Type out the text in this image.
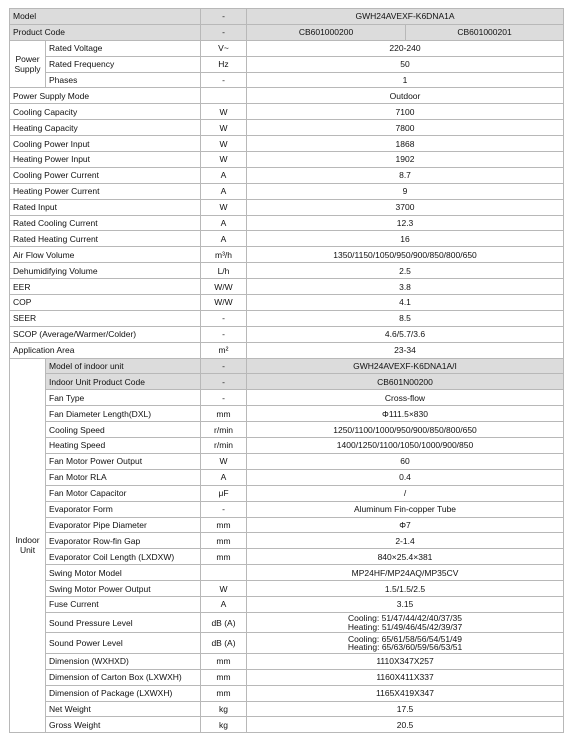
Model		-	GWH24AVEXF-K6DNA1A	
Product Code		-	CB601000200	CB601000201
Power Supply	Rated Voltage	V~	220-240	
	Rated Frequency	Hz	50	
	Phases	-	1	
Power Supply Mode			Outdoor	
Cooling Capacity		W	7100	
Heating Capacity		W	7800	
Cooling Power Input		W	1868	
Heating Power Input		W	1902	
Cooling Power Current		A	8.7	
Heating Power Current		A	9	
Rated Input		W	3700	
Rated Cooling Current		A	12.3	
Rated Heating Current		A	16	
Air Flow Volume		m³/h	1350/1150/1050/950/900/850/800/650	
Dehumidifying Volume		L/h	2.5	
EER		W/W	3.8	
COP		W/W	4.1	
SEER		-	8.5	
SCOP (Average/Warmer/Colder)		-	4.6/5.7/3.6	
Application Area		m²	23-34	
Indoor Unit	Model of indoor unit	-	GWH24AVEXF-K6DNA1A/I	
	Indoor Unit Product Code	-	CB601N00200	
	Fan Type	-	Cross-flow	
	Fan Diameter Length(DXL)	mm	Φ111.5×830	
	Cooling Speed	r/min	1250/1100/1000/950/900/850/800/650	
	Heating Speed	r/min	1400/1250/1100/1050/1000/900/850	
	Fan Motor Power Output	W	60	
	Fan Motor RLA	A	0.4	
	Fan Motor Capacitor	μF	/	
	Evaporator Form	-	Aluminum Fin-copper Tube	
	Evaporator Pipe Diameter	mm	Φ7	
	Evaporator Row-fin Gap	mm	2-1.4	
	Evaporator Coil Length (LXDXW)	mm	840×25.4×381	
	Swing Motor Model		MP24HF/MP24AQ/MP35CV	
	Swing Motor Power Output	W	1.5/1.5/2.5	
	Fuse Current	A	3.15	
	Sound Pressure Level	dB (A)	Cooling: 51/47/44/42/40/37/35
Heating: 51/49/46/45/42/39/37	

	Sound Power Level	dB (A)	Cooling: 65/61/58/56/54/51/49
Heating: 65/63/60/59/56/53/51	

	Dimension (WXHXD)	mm	1110X347X257	
	Dimension of Carton Box (LXWXH)	mm	1160X411X337	
	Dimension of Package (LXWXH)	mm	1165X419X347	
	Net Weight	kg	17.5	
	Gross Weight	kg	20.5	
